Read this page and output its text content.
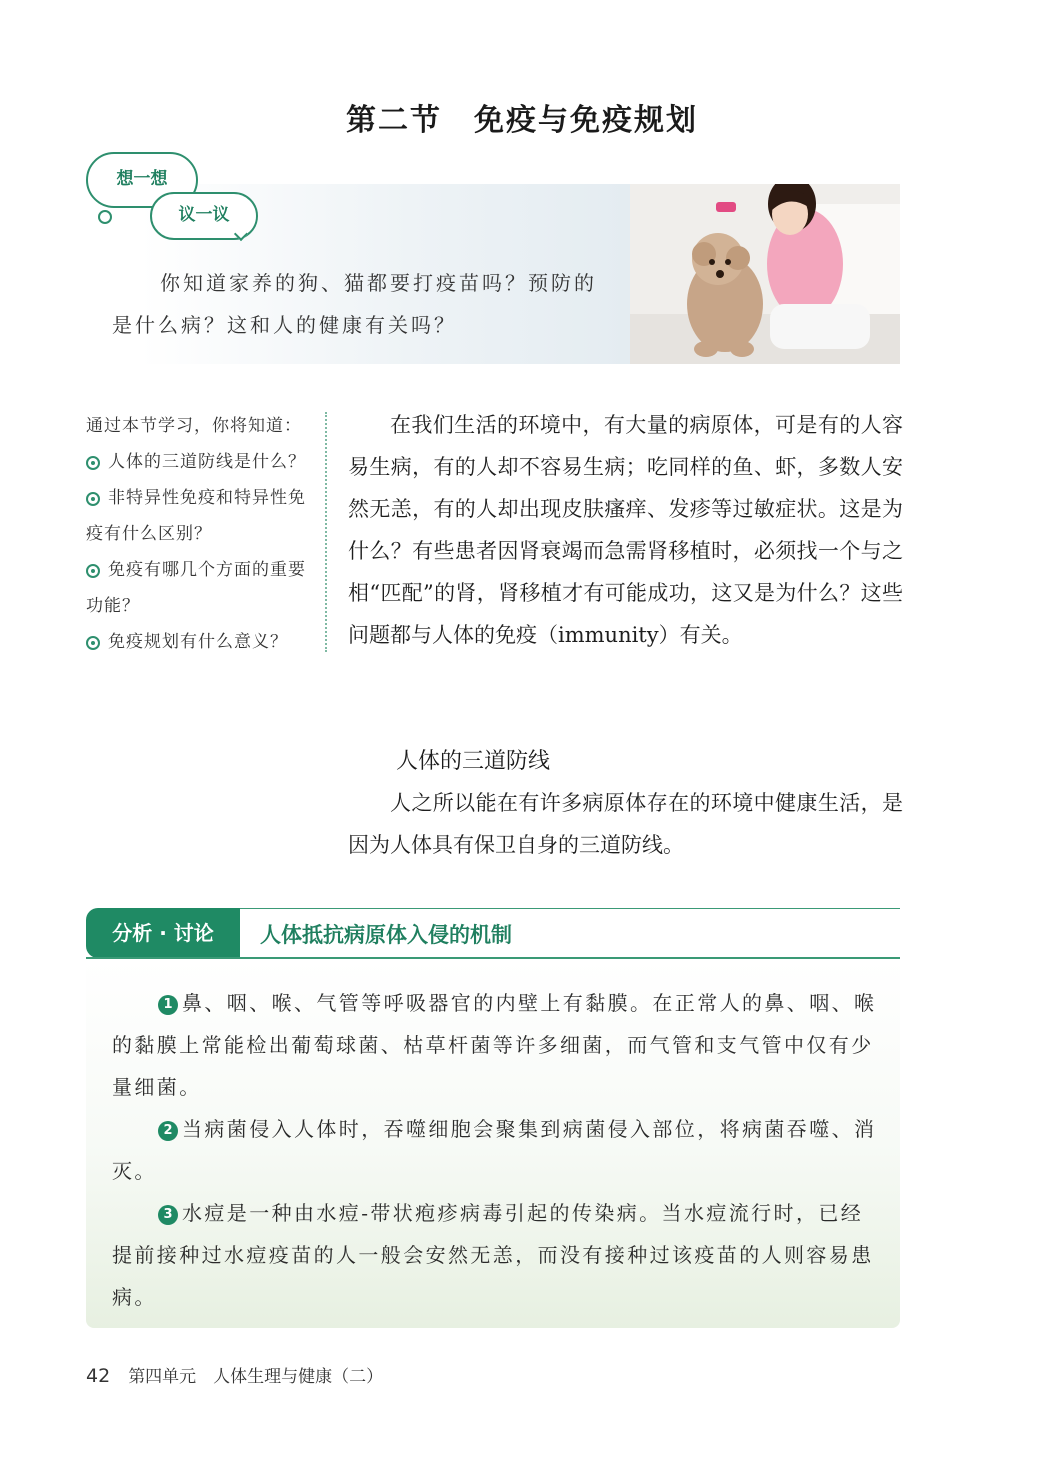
第二节　免疫与免疫规划
想一想
议一议
你知道家养的狗、猫都要打疫苗吗？预防的是什么病？这和人的健康有关吗？
通过本节学习，你将知道：
人体的三道防线是什么？
非特异性免疫和特异性免疫有什么区别？
免疫有哪几个方面的重要功能？
免疫规划有什么意义？
在我们生活的环境中，有大量的病原体，可是有的人容易生病，有的人却不容易生病；吃同样的鱼、虾，多数人安然无恙，有的人却出现皮肤瘙痒、发疹等过敏症状。这是为什么？有些患者因肾衰竭而急需肾移植时，必须找一个与之相“匹配”的肾，肾移植才有可能成功，这又是为什么？这些问题都与人体的免疫（immunity）有关。
人体的三道防线
人之所以能在有许多病原体存在的环境中健康生活，是因为人体具有保卫自身的三道防线。
分析 · 讨论	人体抵抗病原体入侵的机制

1 鼻、咽、喉、气管等呼吸器官的内壁上有黏膜。在正常人的鼻、咽、喉的黏膜上常能检出葡萄球菌、枯草杆菌等许多细菌，而气管和支气管中仅有少量细菌。

2 当病菌侵入人体时，吞噬细胞会聚集到病菌侵入部位，将病菌吞噬、消灭。

3 水痘是一种由水痘-带状疱疹病毒引起的传染病。当水痘流行时，已经提前接种过水痘疫苗的人一般会安然无恙，而没有接种过该疫苗的人则容易患病。

42 第四单元　人体生理与健康（二）
